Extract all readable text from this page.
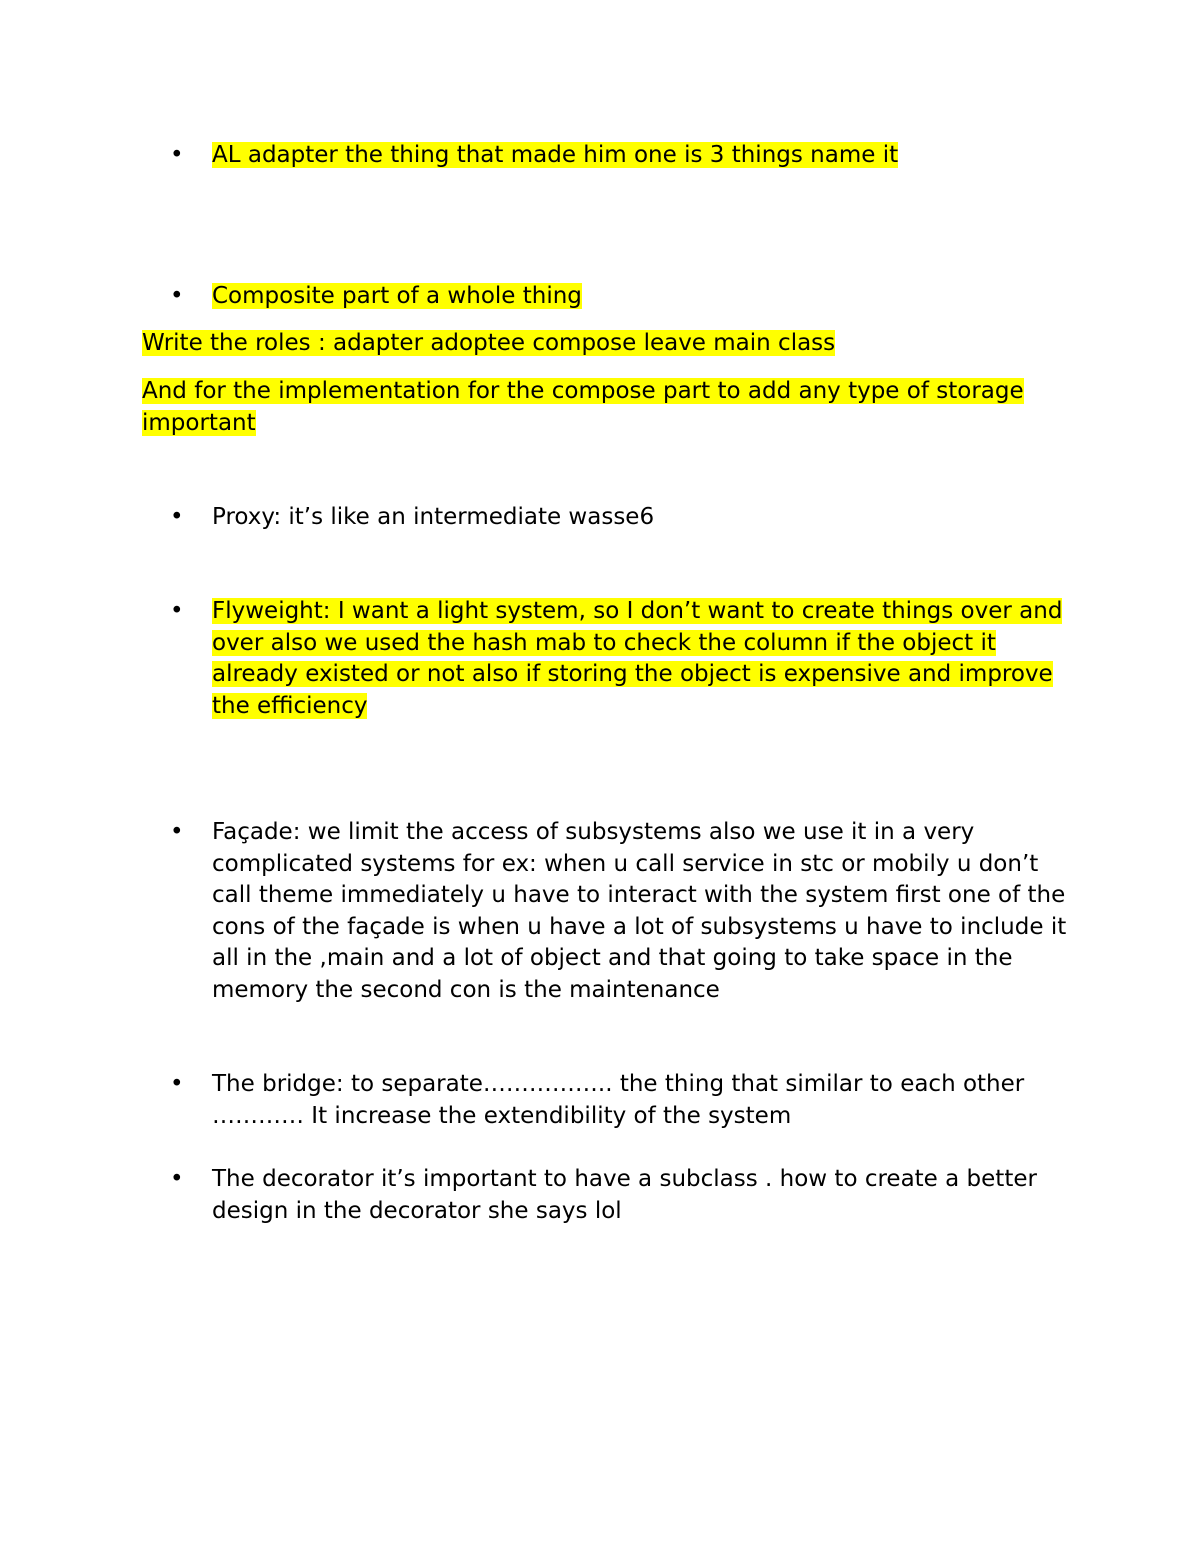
• AL adapter the thing that made him one is 3 things name it
• Composite part of a whole thing
Write the roles : adapter adoptee compose leave main class
And for the implementation for the compose part to add any type of storage important
• Proxy: it’s like an intermediate wasse6
• Flyweight: I want a light system, so I don’t want to create things over and over also we used the hash mab to check the column if the object it already existed or not also if storing the object is expensive and improve the efficiency
• Façade: we limit the access of subsystems also we use it in a very complicated systems for ex: when u call service in stc or mobily u don’t call theme immediately u have to interact with the system first one of the cons of the façade is when u have a lot of subsystems u have to include it all in the ,main and a lot of object and that going to take space in the memory the second con is the maintenance
• The bridge: to separate…………….. the thing that similar to each other ………… It increase the extendibility of the system
• The decorator it’s important to have a subclass . how to create a better design in the decorator she says lol
